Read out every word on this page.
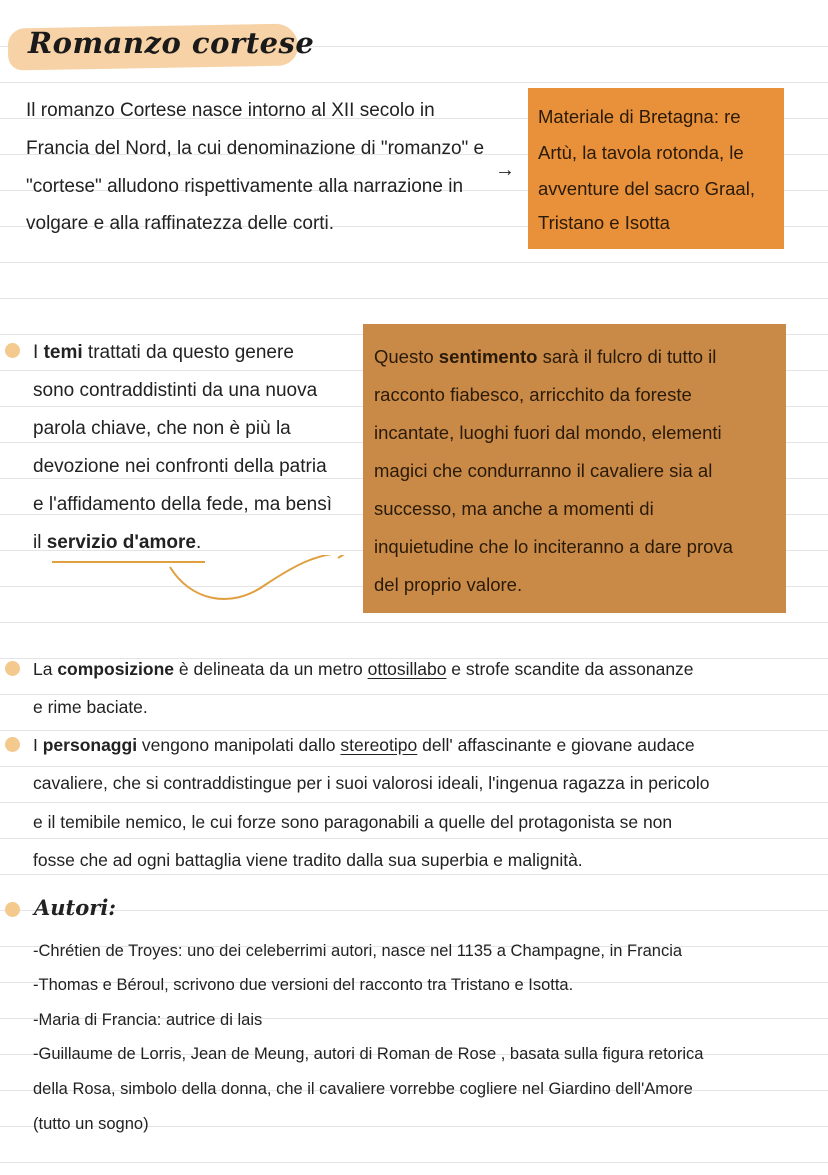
Romanzo cortese
Il romanzo Cortese nasce intorno al XII secolo in
Francia del Nord, la cui denominazione di "romanzo" e
"cortese" alludono rispettivamente alla narrazione in
volgare e alla raffinatezza delle corti.
→
Materiale di Bretagna: re
Artù, la tavola rotonda, le
avventure del sacro Graal,
Tristano e Isotta
I temi trattati da questo genere
sono contraddistinti da una nuova
parola chiave, che non è più la
devozione nei confronti della patria
e l'affidamento della fede, ma bensì
il servizio d'amore.
Questo sentimento sarà il fulcro di tutto il
racconto fiabesco, arricchito da foreste
incantate, luoghi fuori dal mondo, elementi
magici che condurranno il cavaliere sia al
successo, ma anche a momenti di
inquietudine che lo inciteranno a dare prova
del proprio valore.
La composizione è delineata da un metro ottosillabo e strofe scandite da assonanze
e rime baciate.
I personaggi vengono manipolati dallo stereotipo dell' affascinante e giovane audace
cavaliere, che si contraddistingue per i suoi valorosi ideali, l'ingenua ragazza in pericolo
e il temibile nemico, le cui forze sono paragonabili a quelle del protagonista se non
fosse che ad ogni battaglia viene tradito dalla sua superbia e malignità.
Autori:
-Chrétien de Troyes: uno dei celeberrimi autori, nasce nel 1135 a Champagne, in Francia
-Thomas e Béroul, scrivono due versioni del racconto tra Tristano e Isotta.
-Maria di Francia: autrice di lais
-Guillaume de Lorris, Jean de Meung, autori di Roman de Rose , basata sulla figura retorica
della Rosa, simbolo della donna, che il cavaliere vorrebbe cogliere nel Giardino dell'Amore
(tutto un sogno)
